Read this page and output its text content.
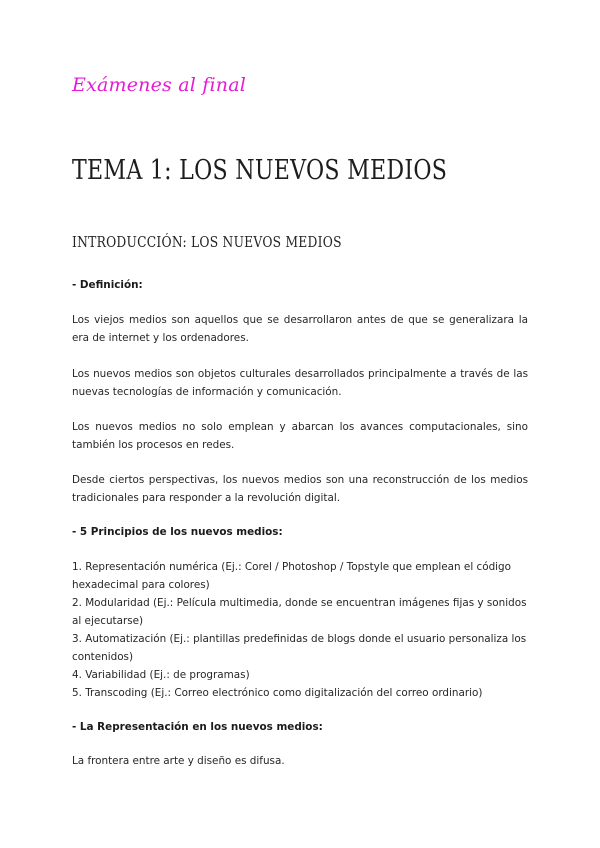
Exámenes al final
TEMA 1: LOS NUEVOS MEDIOS
INTRODUCCIÓN: LOS NUEVOS MEDIOS
- Definición:

Los viejos medios son aquellos que se desarrollaron antes de que se generalizara la era de internet y los ordenadores.

Los nuevos medios son objetos culturales desarrollados principalmente a través de las nuevas tecnologías de información y comunicación.

Los nuevos medios no solo emplean y abarcan los avances computacionales, sino también los procesos en redes.

Desde ciertos perspectivas, los nuevos medios son una reconstrucción de los medios tradicionales para responder a la revolución digital.

- 5 Principios de los nuevos medios:
1. Representación numérica (Ej.: Corel / Photoshop / Topstyle que emplean el código hexadecimal para colores)
2. Modularidad (Ej.: Película multimedia, donde se encuentran imágenes fijas y sonidos al ejecutarse)
3. Automatización (Ej.: plantillas predefinidas de blogs donde el usuario personaliza los contenidos)
4. Variabilidad (Ej.: de programas)
5. Transcoding (Ej.: Correo electrónico como digitalización del correo ordinario)
- La Representación en los nuevos medios:

La frontera entre arte y diseño es difusa.
